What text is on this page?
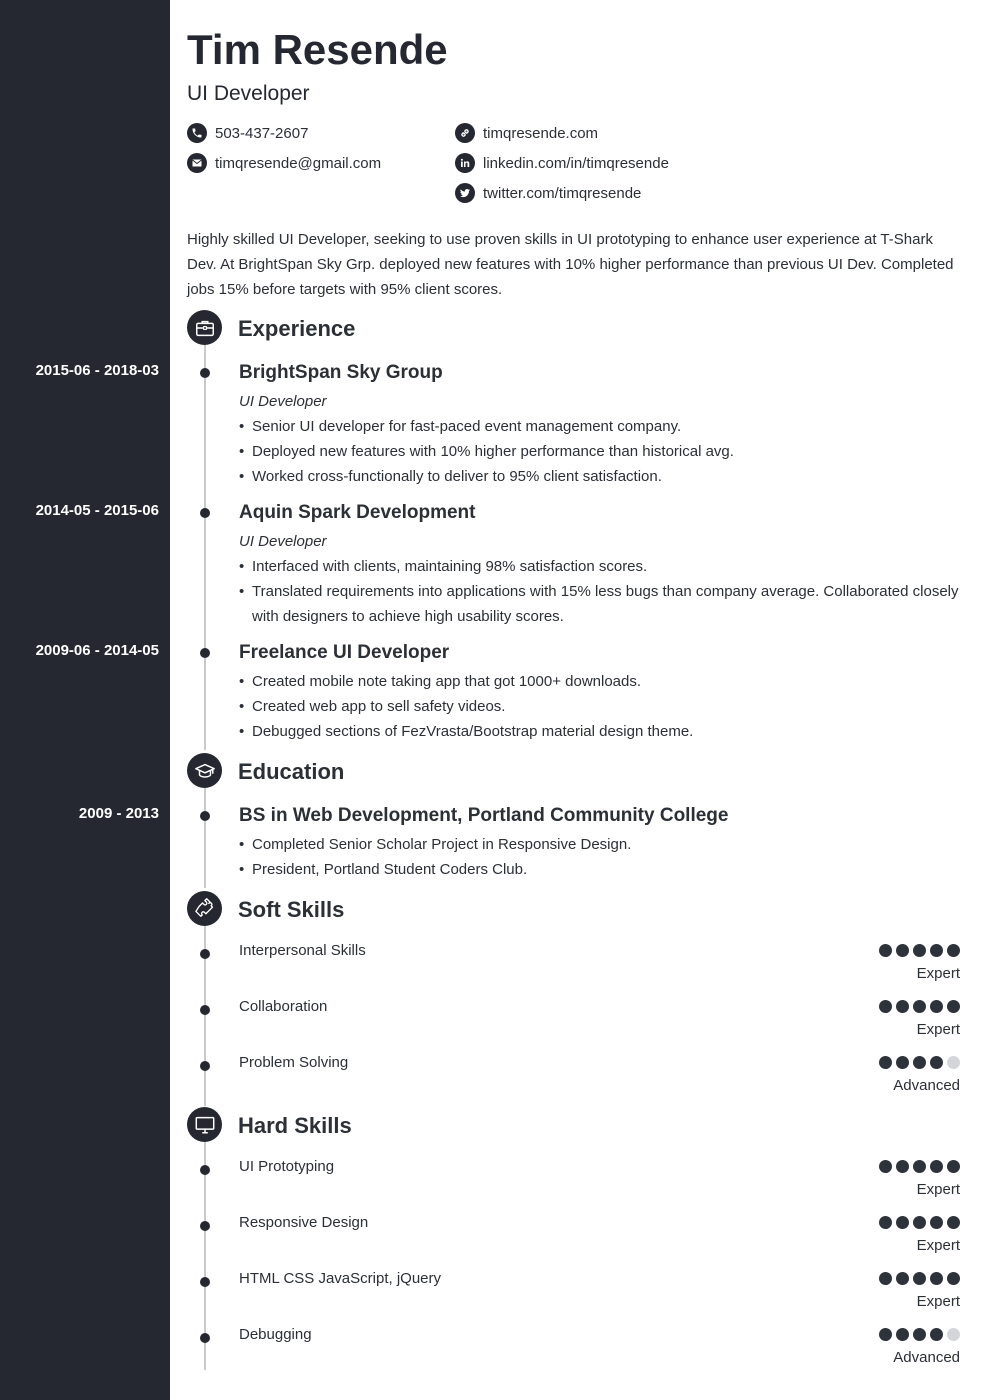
Tim Resende
UI Developer
503-437-2607
timqresende@gmail.com
timqresende.com
linkedin.com/in/timqresende
twitter.com/timqresende
Highly skilled UI Developer, seeking to use proven skills in UI prototyping to enhance user experience at T-Shark Dev. At BrightSpan Sky Grp. deployed new features with 10% higher performance than previous UI Dev. Completed jobs 15% before targets with 95% client scores.
Experience
2015-06 - 2018-03	BrightSpan Sky Group
UI Developer
• Senior UI developer for fast-paced event management company.
• Deployed new features with 10% higher performance than historical avg.
• Worked cross-functionally to deliver to 95% client satisfaction.
2014-05 - 2015-06	Aquin Spark Development
UI Developer
• Interfaced with clients, maintaining 98% satisfaction scores.
• Translated requirements into applications with 15% less bugs than company average. Collaborated closely with designers to achieve high usability scores.
2009-06 - 2014-05	Freelance UI Developer
• Created mobile note taking app that got 1000+ downloads.
• Created web app to sell safety videos.
• Debugged sections of FezVrasta/Bootstrap material design theme.
Education
2009 - 2013	BS in Web Development, Portland Community College
• Completed Senior Scholar Project in Responsive Design.
• President, Portland Student Coders Club.
Soft Skills
Interpersonal Skills
Expert
Collaboration
Expert
Problem Solving
Advanced
Hard Skills
UI Prototyping
Expert
Responsive Design
Expert
HTML CSS JavaScript, jQuery
Expert
Debugging
Advanced
